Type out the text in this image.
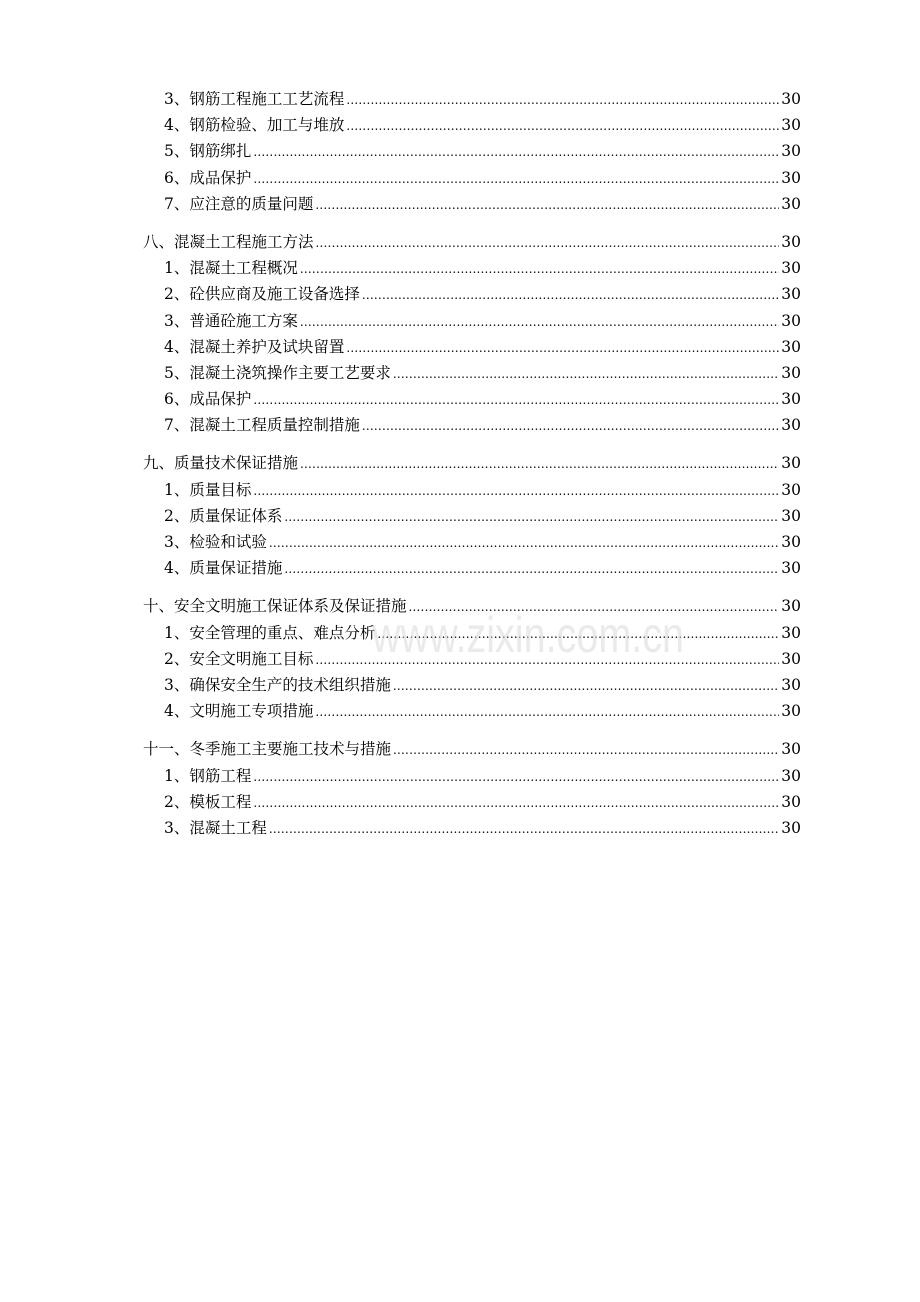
3、钢筋工程施工工艺流程 .....	30
4、钢筋检验、加工与堆放 .....	30
5、钢筋绑扎 .....	30
6、成品保护 .....	30
7、应注意的质量问题 .....	30
八、混凝土工程施工方法 .....	30
1、混凝土工程概况 .....	30
2、砼供应商及施工设备选择 .....	30
3、普通砼施工方案 .....	30
4、混凝土养护及试块留置 .....	30
5、混凝土浇筑操作主要工艺要求 .....	30
6、成品保护 .....	30
7、混凝土工程质量控制措施 .....	30
九、质量技术保证措施 .....	30
1、质量目标 .....	30
2、质量保证体系 .....	30
3、检验和试验 .....	30
4、质量保证措施 .....	30
十、安全文明施工保证体系及保证措施 .....	30
1、安全管理的重点、难点分析 .....	30
2、安全文明施工目标 .....	30
3、确保安全生产的技术组织措施 .....	30
4、文明施工专项措施 .....	30
十一、冬季施工主要施工技术与措施 .....	30
1、钢筋工程 .....	30
2、模板工程 .....	30
3、混凝土工程 .....	30
www.zixin.com.cn
